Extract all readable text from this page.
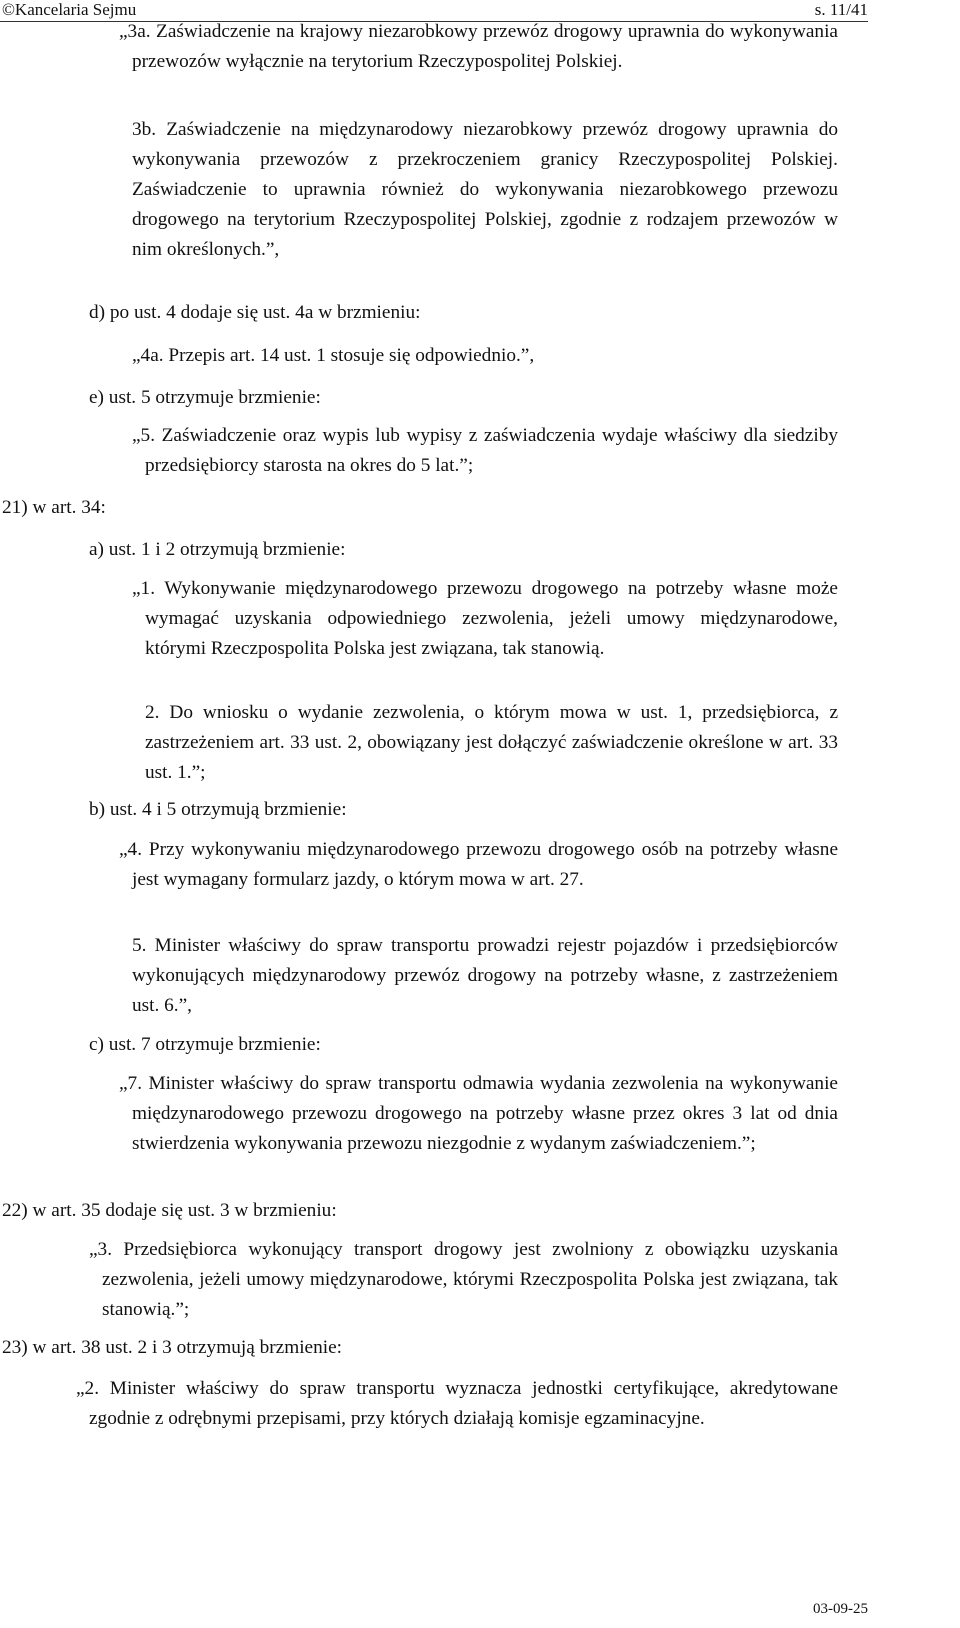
©Kancelaria Sejmu	s. 11/41

„3a. Zaświadczenie na krajowy niezarobkowy przewóz drogowy uprawnia do wykonywania przewozów wyłącznie na terytorium Rzeczypospolitej Polskiej.

3b. Zaświadczenie na międzynarodowy niezarobkowy przewóz drogowy uprawnia do wykonywania przewozów z przekroczeniem granicy Rzeczypospolitej Polskiej. Zaświadczenie to uprawnia również do wykonywania niezarobkowego przewozu drogowego na terytorium Rzeczypospolitej Polskiej, zgodnie z rodzajem przewozów w nim określonych.”,

d) po ust. 4 dodaje się ust. 4a w brzmieniu:

„4a. Przepis art. 14 ust. 1 stosuje się odpowiednio.”,

e) ust. 5 otrzymuje brzmienie:

„5. Zaświadczenie oraz wypis lub wypisy z zaświadczenia wydaje właściwy dla siedziby przedsiębiorcy starosta na okres do 5 lat.”;

21) w art. 34:

a) ust. 1 i 2 otrzymują brzmienie:

„1. Wykonywanie międzynarodowego przewozu drogowego na potrzeby własne może wymagać uzyskania odpowiedniego zezwolenia, jeżeli umowy międzynarodowe, którymi Rzeczpospolita Polska jest związana, tak stanowią.

2. Do wniosku o wydanie zezwolenia, o którym mowa w ust. 1, przedsiębiorca, z zastrzeżeniem art. 33 ust. 2, obowiązany jest dołączyć zaświadczenie określone w art. 33 ust. 1.”;

b) ust. 4 i 5 otrzymują brzmienie:

„4. Przy wykonywaniu międzynarodowego przewozu drogowego osób na potrzeby własne jest wymagany formularz jazdy, o którym mowa w art. 27.

5. Minister właściwy do spraw transportu prowadzi rejestr pojazdów i przedsiębiorców wykonujących międzynarodowy przewóz drogowy na potrzeby własne, z zastrzeżeniem ust. 6.”,

c) ust. 7 otrzymuje brzmienie:

„7. Minister właściwy do spraw transportu odmawia wydania zezwolenia na wykonywanie międzynarodowego przewozu drogowego na potrzeby własne przez okres 3 lat od dnia stwierdzenia wykonywania przewozu niezgodnie z wydanym zaświadczeniem.”;

22) w art. 35 dodaje się ust. 3 w brzmieniu:

„3. Przedsiębiorca wykonujący transport drogowy jest zwolniony z obowiązku uzyskania zezwolenia, jeżeli umowy międzynarodowe, którymi Rzeczpospolita Polska jest związana, tak stanowią.”;

23) w art. 38 ust. 2 i 3 otrzymują brzmienie:

„2. Minister właściwy do spraw transportu wyznacza jednostki certyfikujące, akredytowane zgodnie z odrębnymi przepisami, przy których działają komisje egzaminacyjne.

03-09-25
